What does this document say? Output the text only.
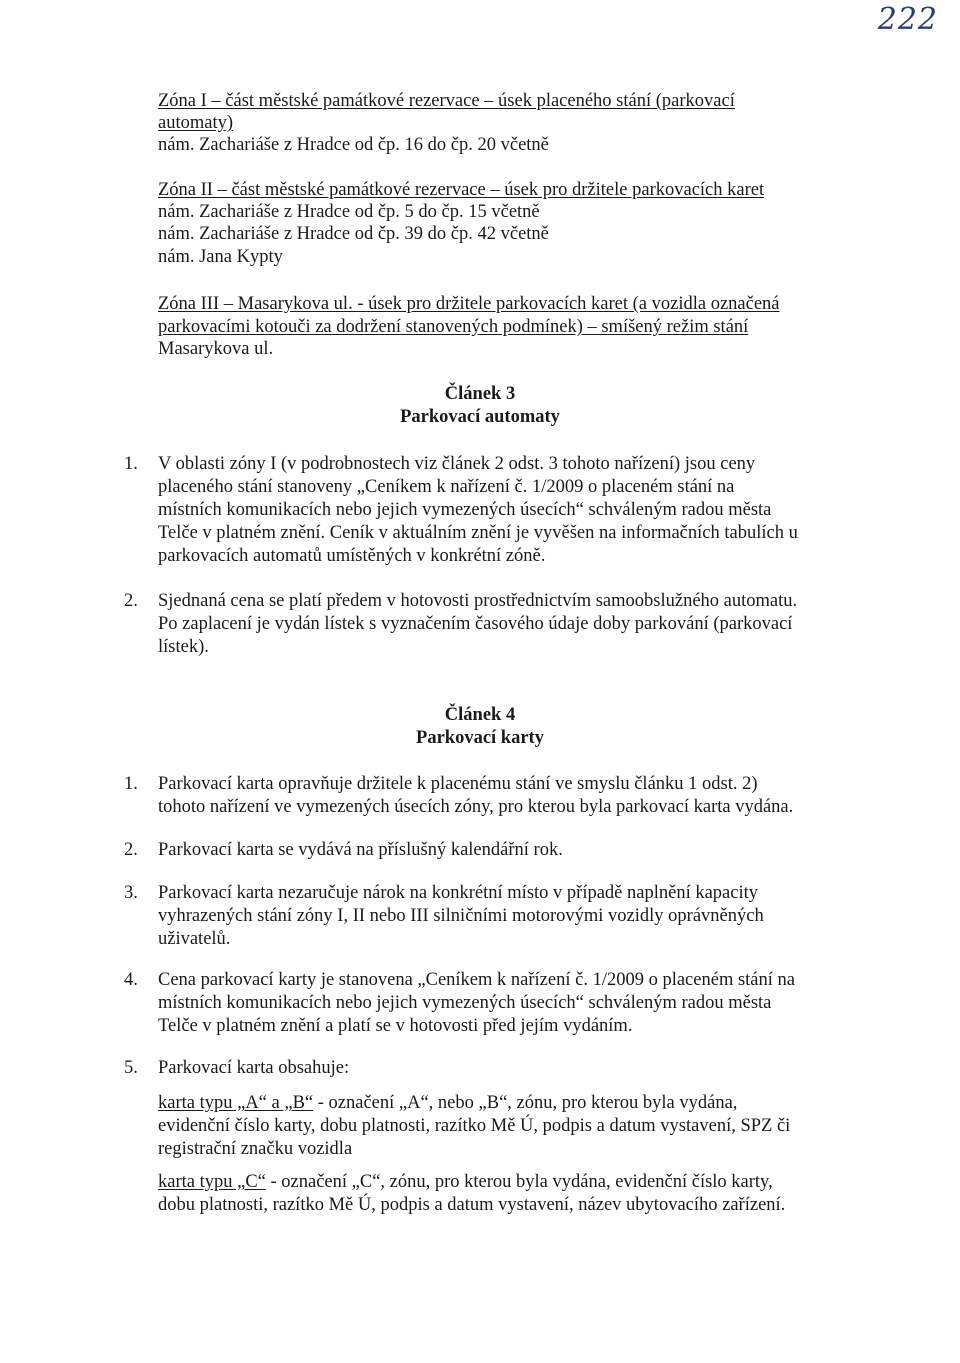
222
Zóna I – část městské památkové rezervace – úsek placeného stání (parkovací
automaty)
nám. Zachariáše z Hradce od čp. 16 do čp. 20 včetně
Zóna II – část městské památkové rezervace – úsek pro držitele parkovacích karet
nám. Zachariáše z Hradce od čp. 5 do čp. 15 včetně
nám. Zachariáše z Hradce od čp. 39 do čp. 42 včetně
nám. Jana Kypty
Zóna III – Masarykova ul. - úsek pro držitele parkovacích karet (a vozidla označená
parkovacími kotouči za dodržení stanovených podmínek) – smíšený režim stání
Masarykova ul.
Článek 3
Parkovací automaty
1.	V oblasti zóny I (v podrobnostech viz článek 2 odst. 3 tohoto nařízení) jsou ceny
placeného stání stanoveny „Ceníkem k nařízení č. 1/2009 o placeném stání na
místních komunikacích nebo jejich vymezených úsecích“ schváleným radou města
Telče v platném znění. Ceník v aktuálním znění je vyvěšen na informačních tabulích u
parkovacích automatů umístěných v konkrétní zóně.
2.	Sjednaná cena se platí předem v hotovosti prostřednictvím samoobslužného automatu.
Po zaplacení je vydán lístek s vyznačením časového údaje doby parkování (parkovací
lístek).
Článek 4
Parkovací karty
1.	Parkovací karta opravňuje držitele k placenému stání ve smyslu článku 1 odst. 2)
tohoto nařízení ve vymezených úsecích zóny, pro kterou byla parkovací karta vydána.
2.	Parkovací karta se vydává na příslušný kalendářní rok.
3.	Parkovací karta nezaručuje nárok na konkrétní místo v případě naplnění kapacity
vyhrazených stání zóny I, II nebo III silničními motorovými vozidly oprávněných
uživatelů.
4.	Cena parkovací karty je stanovena „Ceníkem k nařízení č. 1/2009 o placeném stání na
místních komunikacích nebo jejich vymezených úsecích“ schváleným radou města
Telče v platném znění a platí se v hotovosti před jejím vydáním.
5.	Parkovací karta obsahuje:
karta typu „A“ a „B“ - označení „A“, nebo „B“, zónu, pro kterou byla vydána,
evidenční číslo karty, dobu platnosti, razítko Mě Ú, podpis a datum vystavení, SPZ či
registrační značku vozidla
karta typu „C“ - označení „C“, zónu, pro kterou byla vydána, evidenční číslo karty,
dobu platnosti, razítko Mě Ú, podpis a datum vystavení, název ubytovacího zařízení.
